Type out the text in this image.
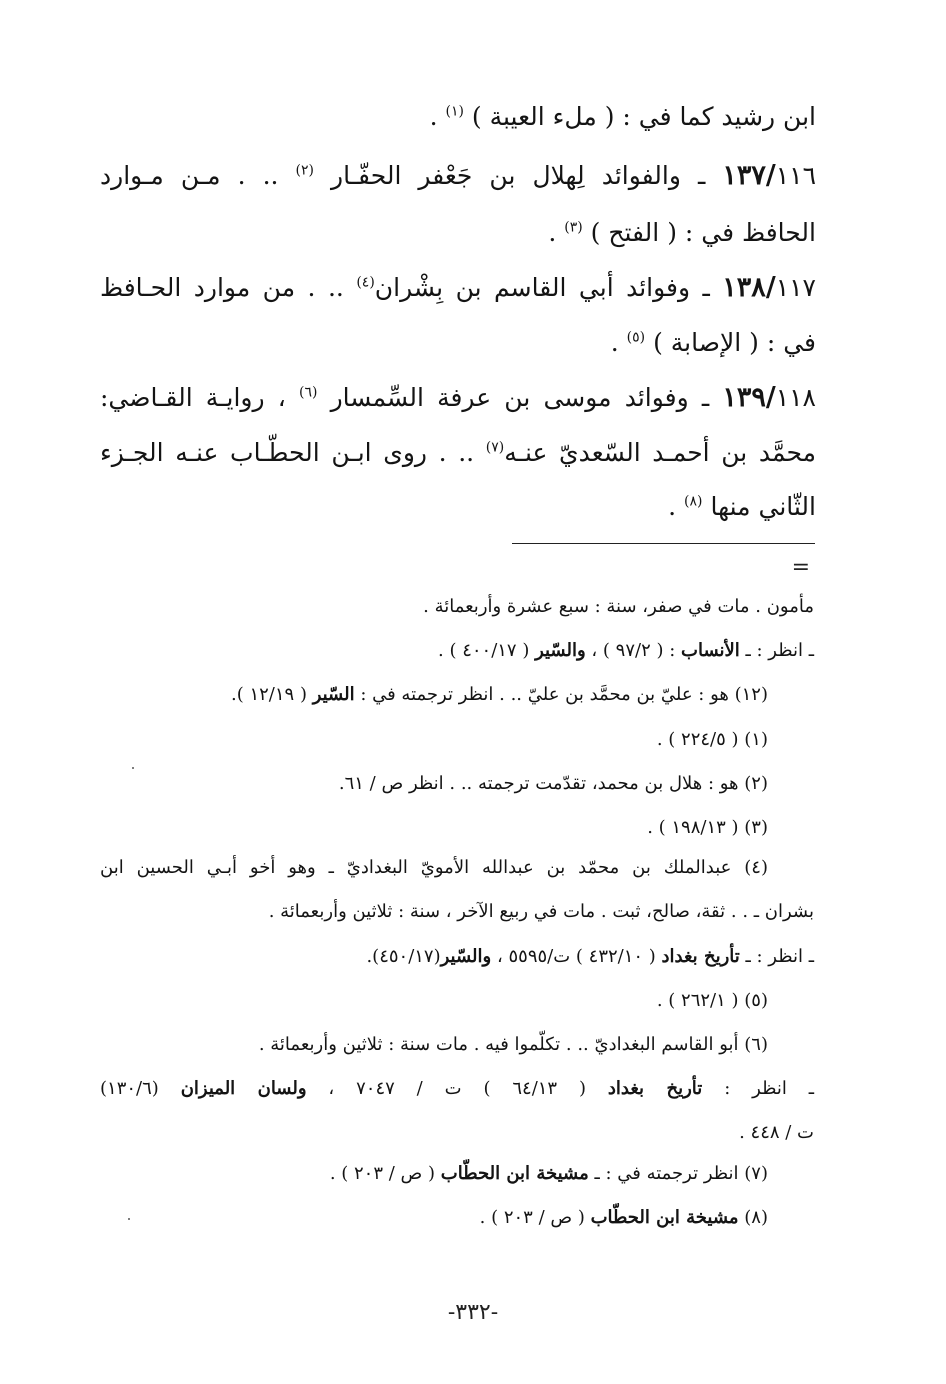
ابن رشيد كما في : ( ملء العيبة ) $^{(١)}$ .
١٣٧/١١٦ ـ والفوائد لِهلال بن جَعْفر الحفّـار $^{(٢)}$ .. . مـن مـوارد
الحافظ في : ( الفتح ) $^{(٣)}$ .
١٣٨/١١٧ ـ وفوائد أبي القاسم بن بِشْران$^{(٤)}$ .. . من موارد الحـافظ
في : ( الإصابة ) $^{(٥)}$ .
١٣٩/١١٨ ـ وفوائد موسى بن عرفة السِّمسار $^{(٦)}$ ، روايـة القـاضي:
محمَّد بن أحمـد السّعديّ عنـه$^{(٧)}$ .. . روى ابـن الحطّـاب عنـه الجـزء
الثّاني منها $^{(٨)}$ .
=
مأمون . مات في صفر، سنة : سبع عشرة وأربعمائة .
ـ انظر : ـ الأنساب : ( ٩٧/٢ ) ، والسّير ( ٤٠٠/١٧ ) .
(١٢) هو : عليّ بن محمَّد بن عليّ .. . انظر ترجمته في : السّير ( ١٢/١٩ ).
(١) ( ٢٢٤/٥ ) .
(٢) هو : هلال بن محمد، تقدّمت ترجمته .. . انظر ص / ٦١.
(٣) ( ١٩٨/١٣ ) .
(٤) عبدالملك بن محمّد بن عبدالله الأمويّ البغداديّ ـ وهو أخو أبـي الحسين ابن
بشران ـ . . ثقة، صالح، ثبت . مات في ربيع الآخر ، سنة : ثلاثين وأربعمائة .
ـ انظر : ـ تأريخ بغداد ( ٤٣٢/١٠ ) ت/٥٥٩٥ ، والسّير(٤٥٠/١٧).
(٥) ( ٢٦٢/١ ) .
(٦) أبو القاسم البغداديّ .. . تكلّموا فيه . مات سنة : ثلاثين وأربعمائة .
ـ انظر : تأريخ بغداد ( ٦٤/١٣ ) ت / ٧٠٤٧ ، ولسان الميزان (١٣٠/٦)
ت / ٤٤٨ .
(٧) انظر ترجمته في : ـ مشيخة ابن الحطّاب ( ص / ٢٠٣ ) .
(٨) مشيخة ابن الحطّاب ( ص / ٢٠٣ ) .
-٣٣٢-
